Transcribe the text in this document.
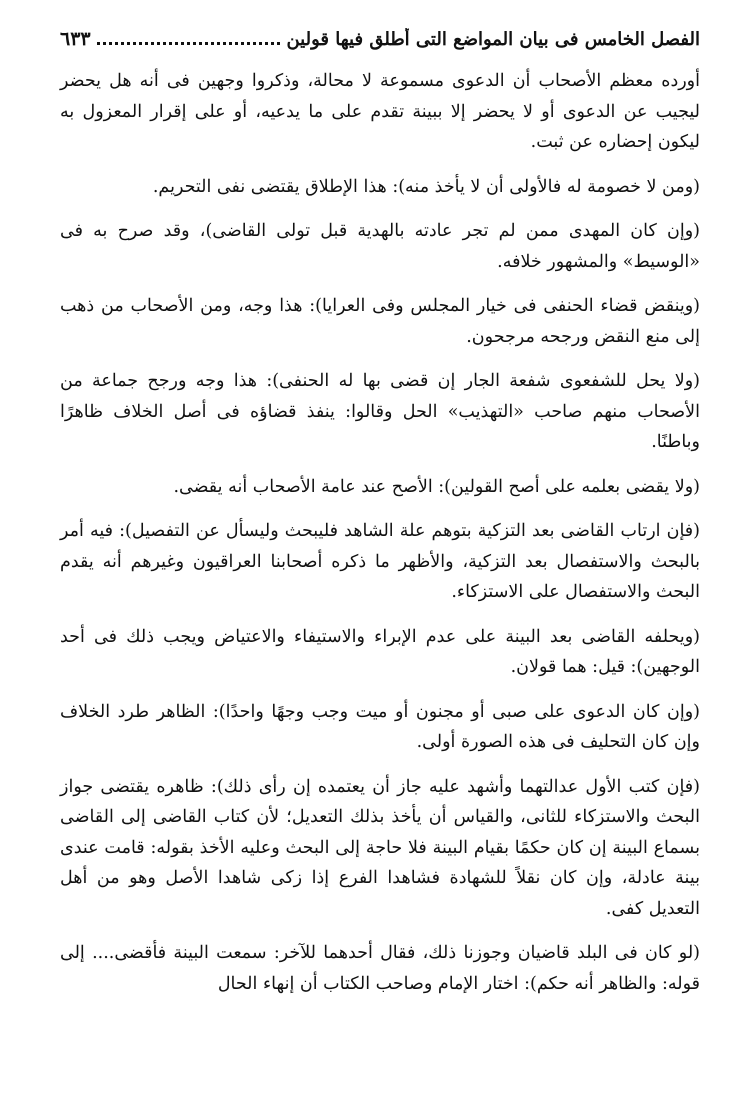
الفصل الخامس فى بيان المواضع التى أطلق فيها قولين
٦٣٣

أورده معظم الأصحاب أن الدعوى مسموعة لا محالة، وذكروا وجهين فى أنه هل يحضر ليجيب عن الدعوى أو لا يحضر إلا ببينة تقدم على ما يدعيه، أو على إقرار المعزول به ليكون إحضاره عن ثبت.

(ومن لا خصومة له فالأولى أن لا يأخذ منه): هذا الإطلاق يقتضى نفى التحريم.

(وإن كان المهدى ممن لم تجر عادته بالهدية قبل تولى القاضى)، وقد صرح به فى «الوسيط» والمشهور خلافه.

(وينقض قضاء الحنفى فى خيار المجلس وفى العرايا): هذا وجه، ومن الأصحاب من ذهب إلى منع النقض ورجحه مرجحون.

(ولا يحل للشفعوى شفعة الجار إن قضى بها له الحنفى): هذا وجه ورجح جماعة من الأصحاب منهم صاحب «التهذيب» الحل وقالوا: ينفذ قضاؤه فى أصل الخلاف ظاهرًا وباطنًا.

(ولا يقضى بعلمه على أصح القولين): الأصح عند عامة الأصحاب أنه يقضى.

(فإن ارتاب القاضى بعد التزكية بتوهم علة الشاهد فليبحث وليسأل عن التفصيل): فيه أمر بالبحث والاستفصال بعد التزكية، والأظهر ما ذكره أصحابنا العراقيون وغيرهم أنه يقدم البحث والاستفصال على الاستزكاء.

(ويحلفه القاضى بعد البينة على عدم الإبراء والاستيفاء والاعتياض ويجب ذلك فى أحد الوجهين): قيل: هما قولان.

(وإن كان الدعوى على صبى أو مجنون أو ميت وجب وجهًا واحدًا): الظاهر طرد الخلاف وإن كان التحليف فى هذه الصورة أولى.

(فإن كتب الأول عدالتهما وأشهد عليه جاز أن يعتمده إن رأى ذلك): ظاهره يقتضى جواز البحث والاستزكاء للثانى، والقياس أن يأخذ بذلك التعديل؛ لأن كتاب القاضى إلى القاضى بسماع البينة إن كان حكمًا بقيام البينة فلا حاجة إلى البحث وعليه الأخذ بقوله: قامت عندى بينة عادلة، وإن كان نقلاً للشهادة فشاهدا الفرع إذا زكى شاهدا الأصل وهو من أهل التعديل كفى.

(لو كان فى البلد قاضيان وجوزنا ذلك، فقال أحدهما للآخر: سمعت البينة فأقضى.... إلى قوله: والظاهر أنه حكم): اختار الإمام وصاحب الكتاب أن إنهاء الحال
